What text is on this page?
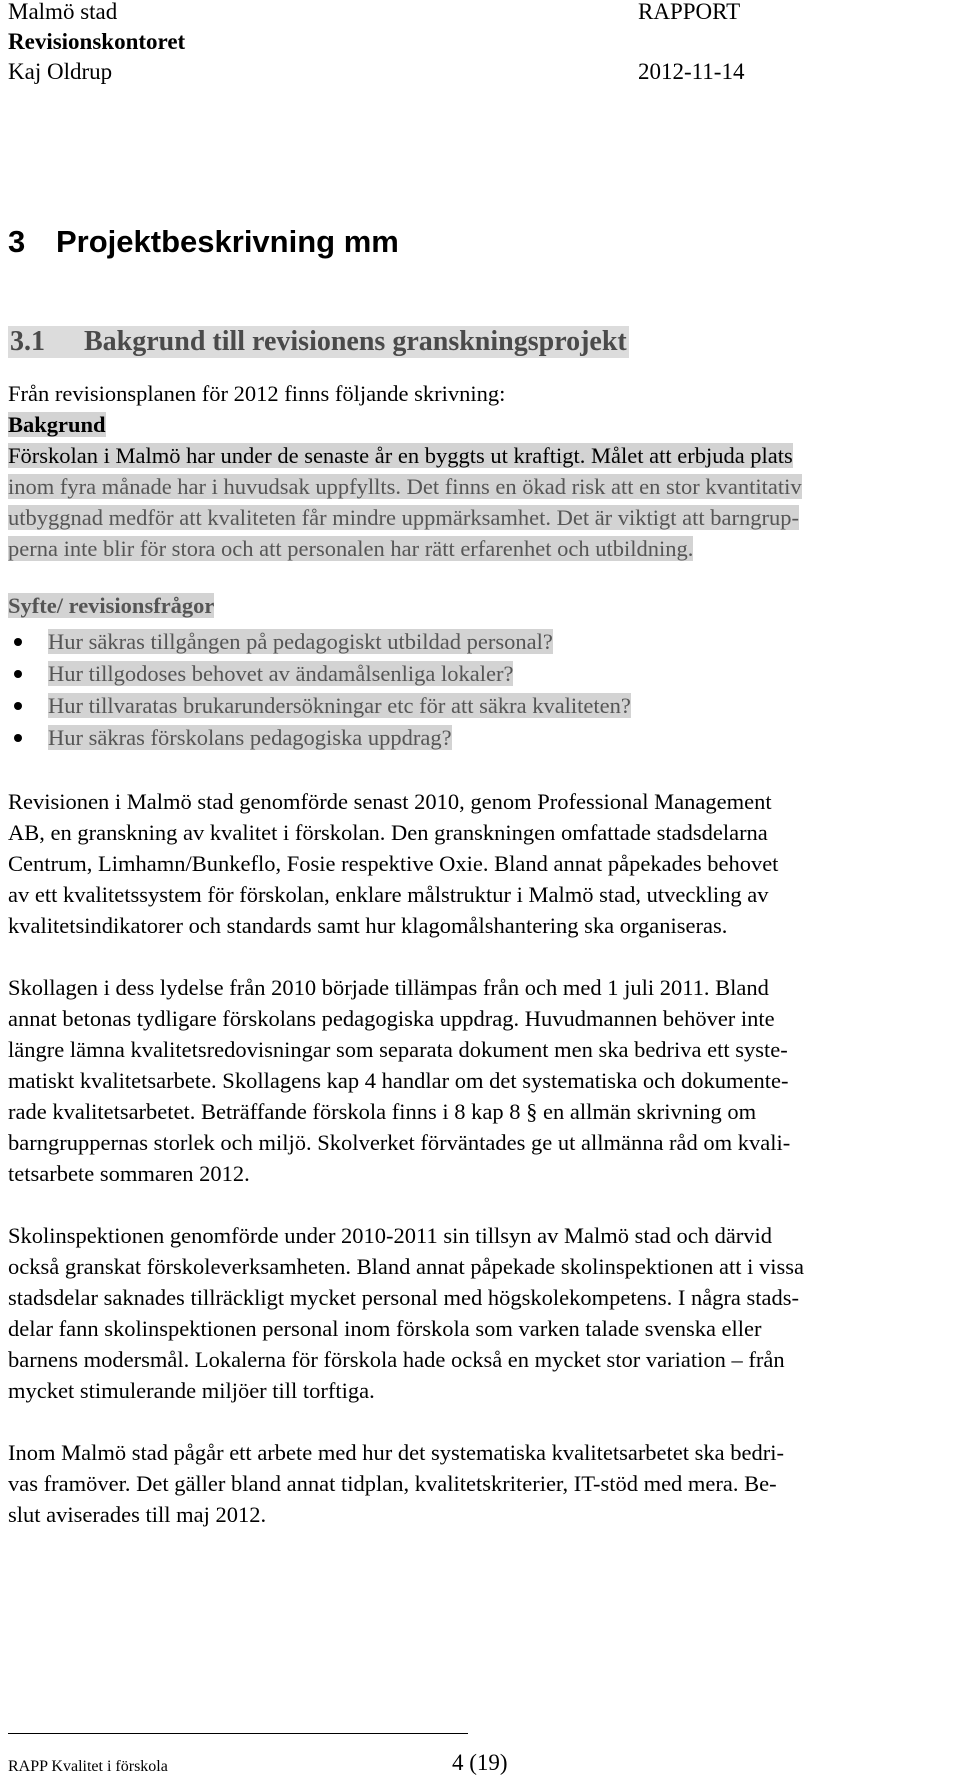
Malmö stad	RAPPORT
Revisionskontoret
Kaj Oldrup	2012-11-14
3 Projektbeskrivning mm
3.1 Bakgrund till revisionens granskningsprojekt
Från revisionsplanen för 2012 finns följande skrivning:
Bakgrund
Förskolan i Malmö har under de senaste år en byggts ut kraftigt. Målet att erbjuda plats
inom fyra månade har i huvudsak uppfyllts. Det finns en ökad risk att en stor kvantitativ
utbyggnad medför att kvaliteten får mindre uppmärksamhet. Det är viktigt att barngrup-
perna inte blir för stora och att personalen har rätt erfarenhet och utbildning.
Syfte/ revisionsfrågor
Hur säkras tillgången på pedagogiskt utbildad personal?
Hur tillgodoses behovet av ändamålsenliga lokaler?
Hur tillvaratas brukarundersökningar etc för att säkra kvaliteten?
Hur säkras förskolans pedagogiska uppdrag?
Revisionen i Malmö stad genomförde senast 2010, genom Professional Management
AB, en granskning av kvalitet i förskolan. Den granskningen omfattade stadsdelarna
Centrum, Limhamn/Bunkeflo, Fosie respektive Oxie. Bland annat påpekades behovet
av ett kvalitetssystem för förskolan, enklare målstruktur i Malmö stad, utveckling av
kvalitetsindikatorer och standards samt hur klagomålshantering ska organiseras.
Skollagen i dess lydelse från 2010 började tillämpas från och med 1 juli 2011. Bland
annat betonas tydligare förskolans pedagogiska uppdrag. Huvudmannen behöver inte
längre lämna kvalitetsredovisningar som separata dokument men ska bedriva ett syste-
matiskt kvalitetsarbete. Skollagens kap 4 handlar om det systematiska och dokumente-
rade kvalitetsarbetet. Beträffande förskola finns i 8 kap 8 § en allmän skrivning om
barngruppernas storlek och miljö. Skolverket förväntades ge ut allmänna råd om kvali-
tetsarbete sommaren 2012.
Skolinspektionen genomförde under 2010-2011 sin tillsyn av Malmö stad och därvid
också granskat förskoleverksamheten. Bland annat påpekade skolinspektionen att i vissa
stadsdelar saknades tillräckligt mycket personal med högskolekompetens. I några stads-
delar fann skolinspektionen personal inom förskola som varken talade svenska eller
barnens modersmål. Lokalerna för förskola hade också en mycket stor variation – från
mycket stimulerande miljöer till torftiga.
Inom Malmö stad pågår ett arbete med hur det systematiska kvalitetsarbetet ska bedri-
vas framöver. Det gäller bland annat tidplan, kvalitetskriterier, IT-stöd med mera. Be-
slut aviserades till maj 2012.
RAPP Kvalitet i förskola	4 (19)
